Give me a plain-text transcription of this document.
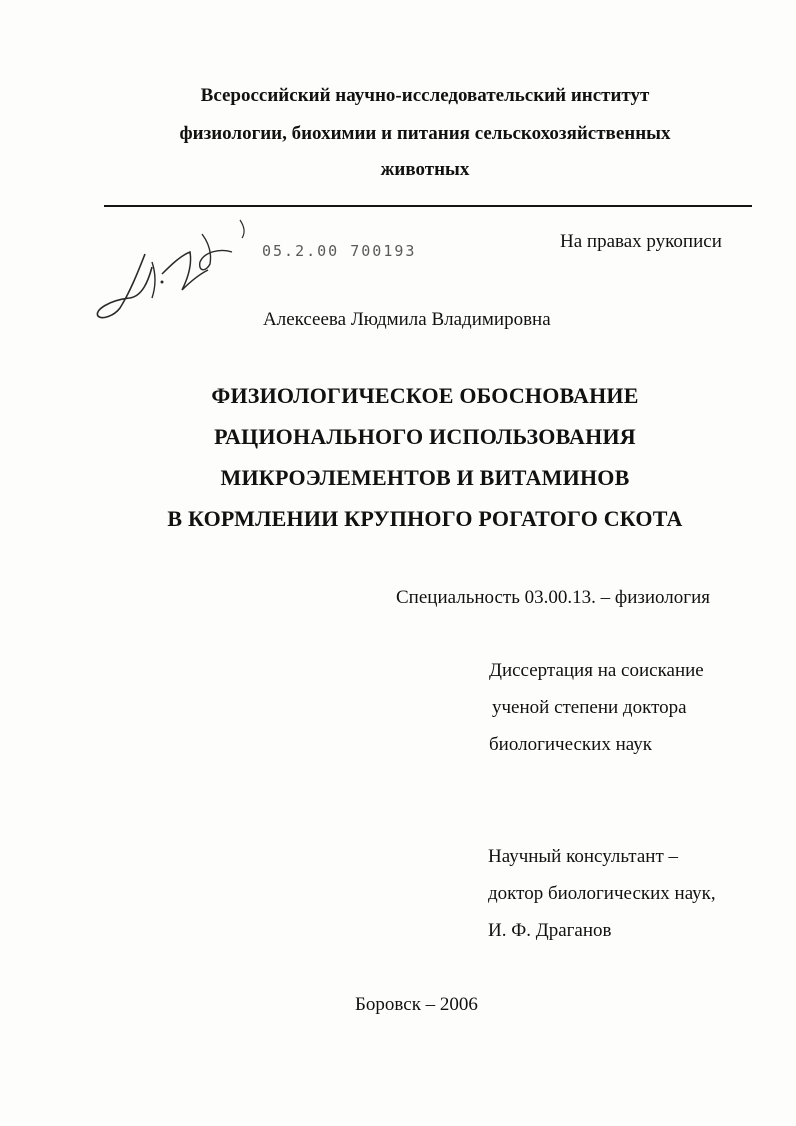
Всероссийский научно-исследовательский институт
физиологии, биохимии и питания сельскохозяйственных
животных
05.2.00 700193	На правах рукописи
Алексеева Людмила Владимировна
ФИЗИОЛОГИЧЕСКОЕ ОБОСНОВАНИЕ
РАЦИОНАЛЬНОГО ИСПОЛЬЗОВАНИЯ
МИКРОЭЛЕМЕНТОВ И ВИТАМИНОВ
В КОРМЛЕНИИ КРУПНОГО РОГАТОГО СКОТА
Специальность 03.00.13. – физиология
Диссертация на соискание
ученой степени доктора
биологических наук
Научный консультант –
доктор биологических наук,
И. Ф. Драганов
Боровск – 2006
